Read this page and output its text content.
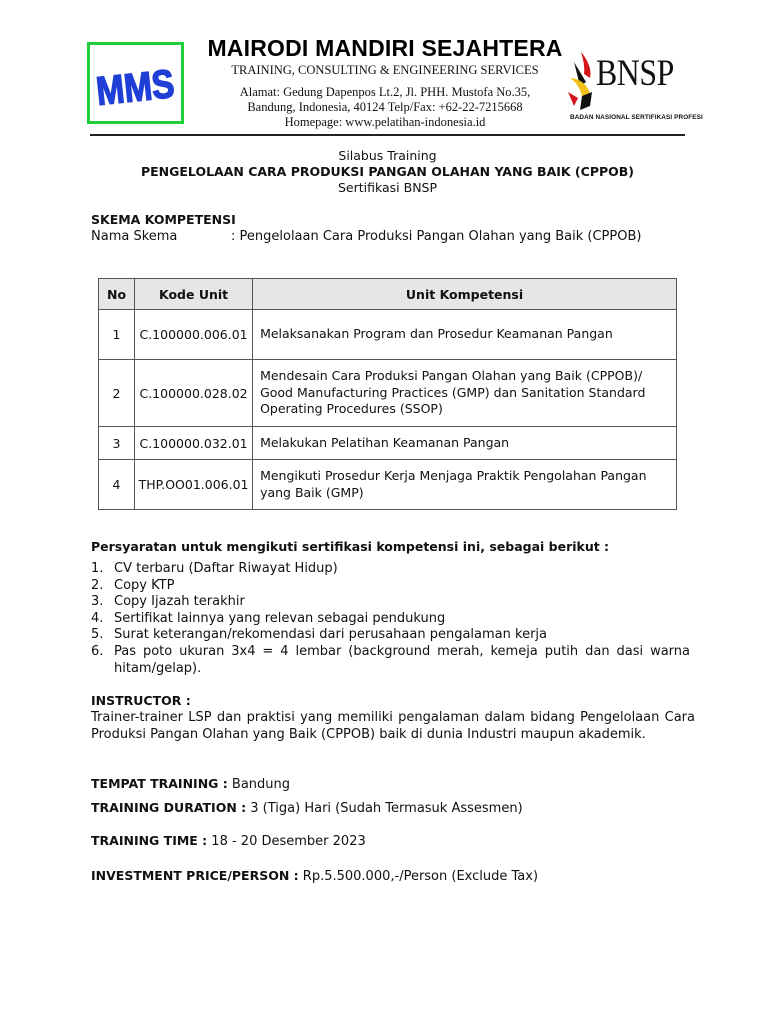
MMS
MAIRODI MANDIRI SEJAHTERA
TRAINING, CONSULTING & ENGINEERING SERVICES
Alamat: Gedung Dapenpos Lt.2, Jl. PHH. Mustofa No.35,
Bandung, Indonesia, 40124 Telp/Fax: +62-22-7215668
Homepage: www.pelatihan-indonesia.id
BNSP
BADAN NASIONAL SERTIFIKASI PROFESI
Silabus Training
PENGELOLAAN CARA PRODUKSI PANGAN OLAHAN YANG BAIK (CPPOB)
Sertifikasi BNSP
SKEMA KOMPETENSI
Nama Skema	: Pengelolaan Cara Produksi Pangan Olahan yang Baik (CPPOB)
No	Kode Unit	Unit Kompetensi
1	C.100000.006.01	Melaksanakan Program dan Prosedur Keamanan Pangan
2	C.100000.028.02	Mendesain Cara Produksi Pangan Olahan yang Baik (CPPOB)/ Good Manufacturing Practices (GMP) dan Sanitation Standard Operating Procedures (SSOP)
3	C.100000.032.01	Melakukan Pelatihan Keamanan Pangan
4	THP.OO01.006.01	Mengikuti Prosedur Kerja Menjaga Praktik Pengolahan Pangan yang Baik (GMP)
Persyaratan untuk mengikuti sertifikasi kompetensi ini, sebagai berikut :
1. CV terbaru (Daftar Riwayat Hidup)
2. Copy KTP
3. Copy Ijazah terakhir
4. Sertifikat lainnya yang relevan sebagai pendukung
5. Surat keterangan/rekomendasi dari perusahaan pengalaman kerja
6. Pas poto ukuran 3x4 = 4 lembar (background merah, kemeja putih dan dasi warna hitam/gelap).
INSTRUCTOR :
Trainer-trainer LSP dan praktisi yang memiliki pengalaman dalam bidang Pengelolaan Cara Produksi Pangan Olahan yang Baik (CPPOB) baik di dunia Industri maupun akademik.
TEMPAT TRAINING : Bandung
TRAINING DURATION : 3 (Tiga) Hari (Sudah Termasuk Assesmen)
TRAINING TIME : 18 - 20 Desember 2023
INVESTMENT PRICE/PERSON : Rp.5.500.000,-/Person (Exclude Tax)
